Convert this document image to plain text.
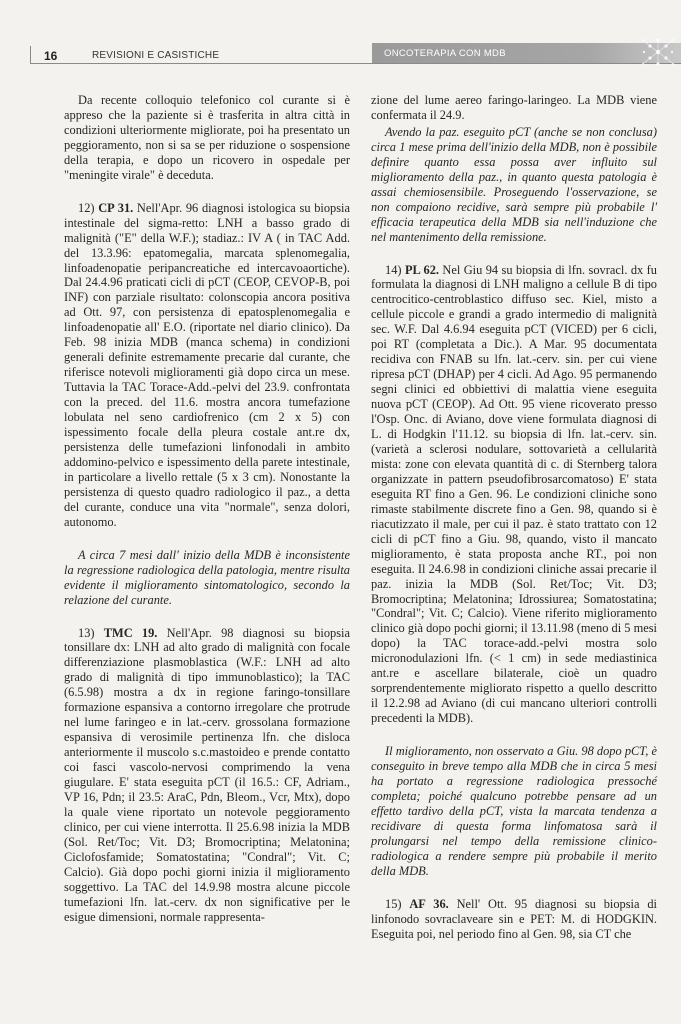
16	REVISIONI E CASISTICHE	ONCOTERAPIA CON MDB

Da recente colloquio telefonico col curante si è appreso che la paziente si è trasferita in altra città in condizioni ulteriormente migliorate, poi ha presentato un peggioramento, non si sa se per riduzione o sospensione della terapia, e dopo un ricovero in ospedale per "meningite virale" è deceduta.

12) CP 31. Nell'Apr. 96 diagnosi istologica su biopsia intestinale del sigma-retto: LNH a basso grado di malignità ("E" della W.F.); stadiaz.: IV A ( in TAC Add. del 13.3.96: epatomegalia, marcata splenomegalia, linfoadenopatie peripancreatiche ed intercavoaortiche). Dal 24.4.96 praticati cicli di pCT (CEOP, CEVOP-B, poi INF) con parziale risultato: colonscopia ancora positiva ad Ott. 97, con persistenza di epatosplenomegalia e linfoadenopatie all' E.O. (riportate nel diario clinico). Da Feb. 98 inizia MDB (manca schema) in condizioni generali definite estremamente precarie dal curante, che riferisce notevoli miglioramenti già dopo circa un mese. Tuttavia la TAC Torace-Add.-pelvi del 23.9. confrontata con la preced. del 11.6. mostra ancora tumefazione lobulata nel seno cardiofrenico (cm 2 x 5) con ispessimento focale della pleura costale ant.re dx, persistenza delle tumefazioni linfonodali in ambito addomino-pelvico e ispessimento della parete intestinale, in particolare a livello rettale (5 x 3 cm). Nonostante la persistenza di questo quadro radiologico il paz., a detta del curante, conduce una vita "normale", senza dolori, autonomo.

A circa 7 mesi dall' inizio della MDB è inconsistente la regressione radiologica della patologia, mentre risulta evidente il miglioramento sintomatologico, secondo la relazione del curante.

13) TMC 19. Nell'Apr. 98 diagnosi su biopsia tonsillare dx: LNH ad alto grado di malignità con focale differenziazione plasmoblastica (W.F.: LNH ad alto grado di malignità di tipo immunoblastico); la TAC (6.5.98) mostra a dx in regione faringo-tonsillare formazione espansiva a contorno irregolare che protrude nel lume faringeo e in lat.-cerv. grossolana formazione espansiva di verosimile pertinenza lfn. che disloca anteriormente il muscolo s.c.mastoideo e prende contatto coi fasci vascolo-nervosi comprimendo la vena giugulare. E' stata eseguita pCT (il 16.5.: CF, Adriam., VP 16, Pdn; il 23.5: AraC, Pdn, Bleom., Vcr, Mtx), dopo la quale viene riportato un notevole peggioramento clinico, per cui viene interrotta. Il 25.6.98 inizia la MDB (Sol. Ret/Toc; Vit. D3; Bromocriptina; Melatonina; Ciclofosfamide; Somatostatina; "Condral"; Vit. C; Calcio). Già dopo pochi giorni inizia il miglioramento soggettivo. La TAC del 14.9.98 mostra alcune piccole tumefazioni lfn. lat.-cerv. dx non significative per le esigue dimensioni, normale rappresenta-

zione del lume aereo faringo-laringeo. La MDB viene confermata il 24.9.

Avendo la paz. eseguito pCT (anche se non conclusa) circa 1 mese prima dell'inizio della MDB, non è possibile definire quanto essa possa aver influito sul miglioramento della paz., in quanto questa patologia è assai chemiosensibile. Proseguendo l'osservazione, se non compaiono recidive, sarà sempre più probabile l' efficacia terapeutica della MDB sia nell'induzione che nel mantenimento della remissione.

14) PL 62. Nel Giu 94 su biopsia di lfn. sovracl. dx fu formulata la diagnosi di LNH maligno a cellule B di tipo centrocitico-centroblastico diffuso sec. Kiel, misto a cellule piccole e grandi a grado intermedio di malignità sec. W.F. Dal 4.6.94 eseguita pCT (VICED) per 6 cicli, poi RT (completata a Dic.). A Mar. 95 documentata recidiva con FNAB su lfn. lat.-cerv. sin. per cui viene ripresa pCT (DHAP) per 4 cicli. Ad Ago. 95 permanendo segni clinici ed obbiettivi di malattia viene eseguita nuova pCT (CEOP). Ad Ott. 95 viene ricoverato presso l'Osp. Onc. di Aviano, dove viene formulata diagnosi di L. di Hodgkin l'11.12. su biopsia di lfn. lat.-cerv. sin. (varietà a sclerosi nodulare, sottovarietà a cellularità mista: zone con elevata quantità di c. di Sternberg talora organizzate in pattern pseudofibrosarcomatoso) E' stata eseguita RT fino a Gen. 96. Le condizioni cliniche sono rimaste stabilmente discrete fino a Gen. 98, quando si è riacutizzato il male, per cui il paz. è stato trattato con 12 cicli di pCT fino a Giu. 98, quando, visto il mancato miglioramento, è stata proposta anche RT., poi non eseguita. Il 24.6.98 in condizioni cliniche assai precarie il paz. inizia la MDB (Sol. Ret/Toc; Vit. D3; Bromocriptina; Melatonina; Idrossiurea; Somatostatina; "Condral"; Vit. C; Calcio). Viene riferito miglioramento clinico già dopo pochi giorni; il 13.11.98 (meno di 5 mesi dopo) la TAC torace-add.-pelvi mostra solo micronodulazioni lfn. (< 1 cm) in sede mediastinica ant.re e ascellare bilaterale, cioè un quadro sorprendentemente migliorato rispetto a quello descritto il 12.2.98 ad Aviano (di cui mancano ulteriori controlli precedenti la MDB).

Il miglioramento, non osservato a Giu. 98 dopo pCT, è conseguito in breve tempo alla MDB che in circa 5 mesi ha portato a regressione radiologica pressoché completa; poiché qualcuno potrebbe pensare ad un effetto tardivo della pCT, vista la marcata tendenza a recidivare di questa forma linfomatosa sarà il prolungarsi nel tempo della remissione clinico-radiologica a rendere sempre più probabile il merito della MDB.

15) AF 36. Nell' Ott. 95 diagnosi su biopsia di linfonodo sovraclaveare sin e PET: M. di HODGKIN. Eseguita poi, nel periodo fino al Gen. 98, sia CT che
